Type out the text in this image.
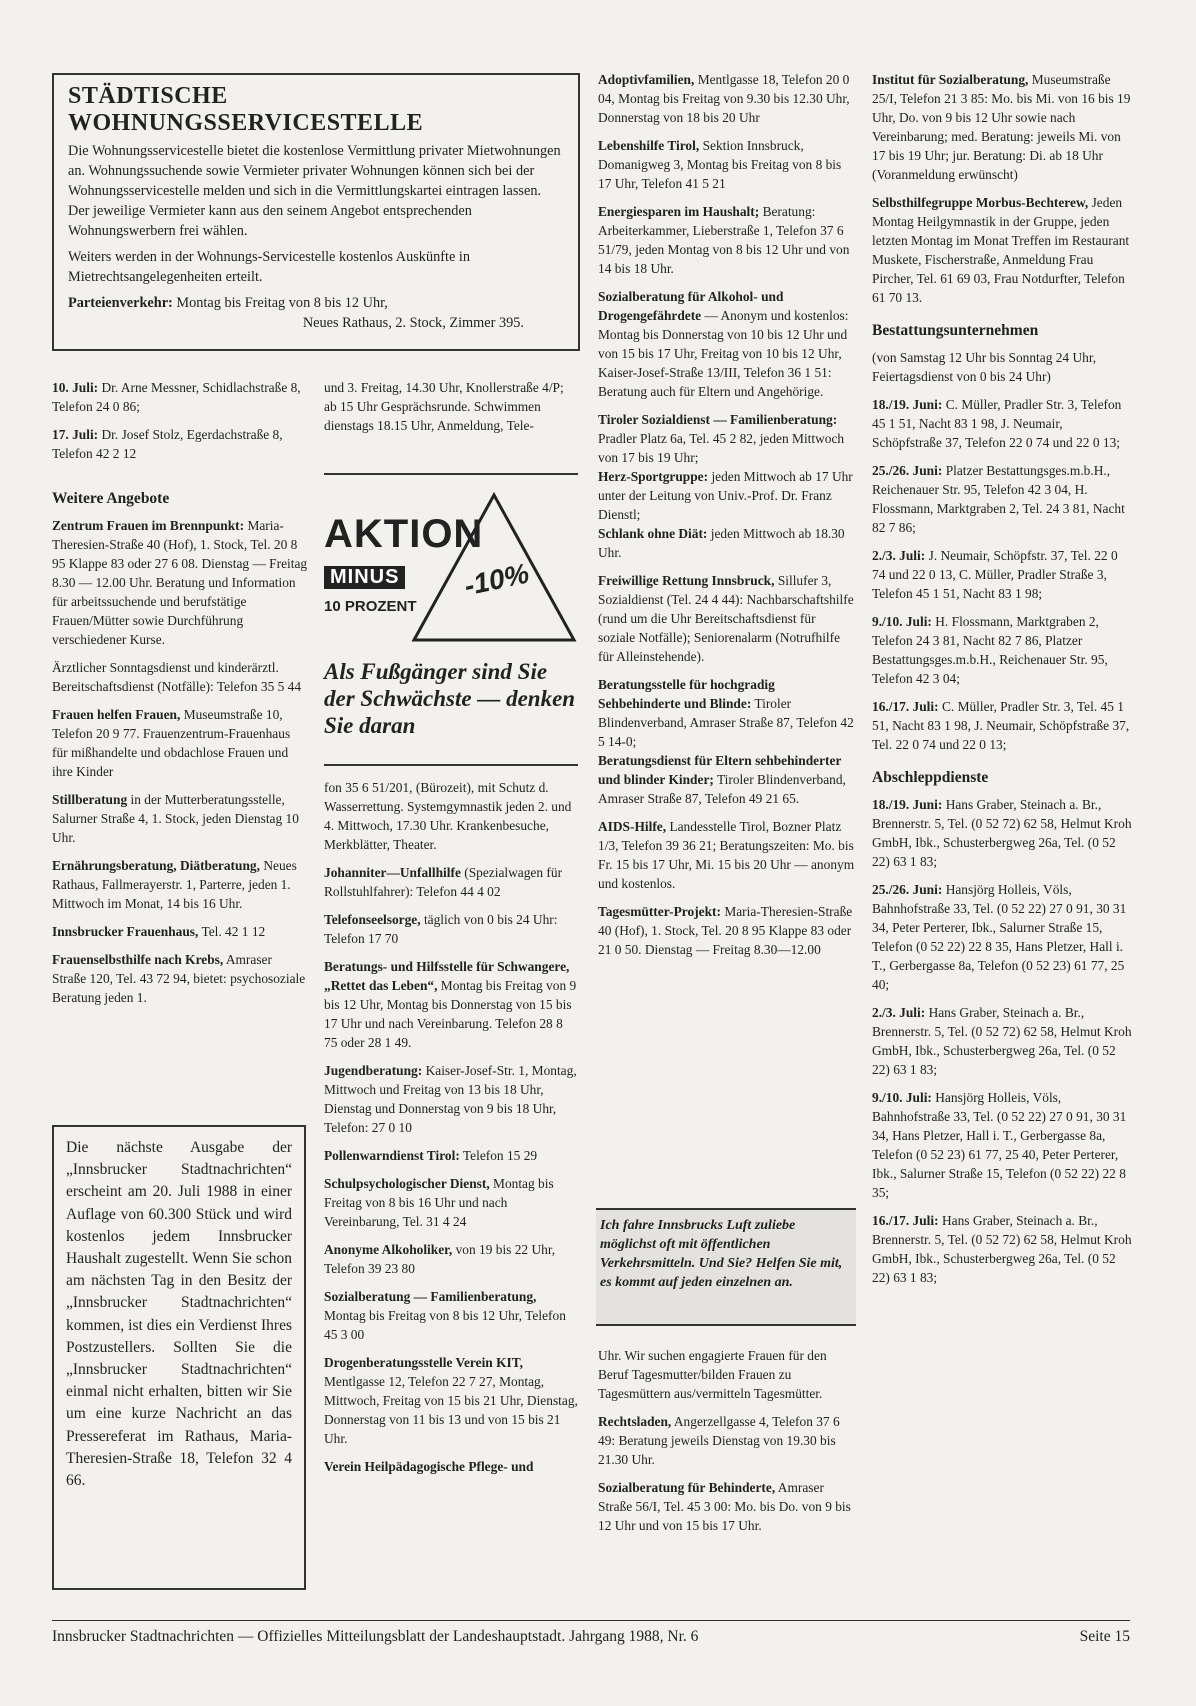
STÄDTISCHE WOHNUNGSSERVICESTELLE

Die Wohnungsservicestelle bietet die kostenlose Vermittlung privater Mietwohnungen an. Wohnungssuchende sowie Vermieter privater Wohnungen können sich bei der Wohnungsservicestelle melden und sich in die Vermittlungskartei eintragen lassen. Der jeweilige Vermieter kann aus den seinem Angebot entsprechenden Wohnungswerbern frei wählen.

Weiters werden in der Wohnungs-Servicestelle kostenlos Auskünfte in Mietrechtsangelegenheiten erteilt.

Parteienverkehr: Montag bis Freitag von 8 bis 12 Uhr,

Neues Rathaus, 2. Stock, Zimmer 395.

10. Juli: Dr. Arne Messner, Schidlachstraße 8, Telefon 24 0 86;
17. Juli: Dr. Josef Stolz, Egerdachstraße 8, Telefon 42 2 12
Weitere Angebote
Zentrum Frauen im Brennpunkt: Maria-Theresien-Straße 40 (Hof), 1. Stock, Tel. 20 8 95 Klappe 83 oder 27 6 08. Dienstag — Freitag 8.30 — 12.00 Uhr. Beratung und Information für arbeitssuchende und berufstätige Frauen/Mütter sowie Durchführung verschiedener Kurse.
Ärztlicher Sonntagsdienst und kinderärztl. Bereitschaftsdienst (Notfälle): Telefon 35 5 44
Frauen helfen Frauen, Museumstraße 10, Telefon 20 9 77. Frauenzentrum-Frauenhaus für mißhandelte und obdachlose Frauen und ihre Kinder
Stillberatung in der Mutterberatungsstelle, Salurner Straße 4, 1. Stock, jeden Dienstag 10 Uhr.
Ernährungsberatung, Diätberatung, Neues Rathaus, Fallmerayerstr. 1, Parterre, jeden 1. Mittwoch im Monat, 14 bis 16 Uhr.
Innsbrucker Frauenhaus, Tel. 42 1 12
Frauenselbsthilfe nach Krebs, Amraser Straße 120, Tel. 43 72 94, bietet: psychosoziale Beratung jeden 1.
Die nächste Ausgabe der „Innsbrucker Stadtnachrichten“ erscheint am 20. Juli 1988 in einer Auflage von 60.300 Stück und wird kostenlos jedem Innsbrucker Haushalt zugestellt. Wenn Sie schon am nächsten Tag in den Besitz der „Innsbrucker Stadtnachrichten“ kommen, ist dies ein Verdienst Ihres Postzustellers. Sollten Sie die „Innsbrucker Stadtnachrichten“ einmal nicht erhalten, bitten wir Sie um eine kurze Nachricht an das Pressereferat im Rathaus, Maria-Theresien-Straße 18, Telefon 32 4 66.
und 3. Freitag, 14.30 Uhr, Knollerstraße 4/P; ab 15 Uhr Gesprächsrunde. Schwimmen dienstags 18.15 Uhr, Anmeldung, Tele-
AKTION
MINUS
10 PROZENT
-10%
Als Fußgänger sind Sie der Schwächste — denken Sie daran
fon 35 6 51/201, (Bürozeit), mit Schutz d. Wasserrettung. Systemgymnastik jeden 2. und 4. Mittwoch, 17.30 Uhr. Krankenbesuche, Merkblätter, Theater.
Johanniter—Unfallhilfe (Spezialwagen für Rollstuhlfahrer): Telefon 44 4 02
Telefonseelsorge, täglich von 0 bis 24 Uhr: Telefon 17 70
Beratungs- und Hilfsstelle für Schwangere, „Rettet das Leben“, Montag bis Freitag von 9 bis 12 Uhr, Montag bis Donnerstag von 15 bis 17 Uhr und nach Vereinbarung. Telefon 28 8 75 oder 28 1 49.
Jugendberatung: Kaiser-Josef-Str. 1, Montag, Mittwoch und Freitag von 13 bis 18 Uhr, Dienstag und Donnerstag von 9 bis 18 Uhr, Telefon: 27 0 10
Pollenwarndienst Tirol: Telefon 15 29
Schulpsychologischer Dienst, Montag bis Freitag von 8 bis 16 Uhr und nach Vereinbarung, Tel. 31 4 24
Anonyme Alkoholiker, von 19 bis 22 Uhr, Telefon 39 23 80
Sozialberatung — Familienberatung, Montag bis Freitag von 8 bis 12 Uhr, Telefon 45 3 00
Drogenberatungsstelle Verein KIT, Mentlgasse 12, Telefon 22 7 27, Montag, Mittwoch, Freitag von 15 bis 21 Uhr, Dienstag, Donnerstag von 11 bis 13 und von 15 bis 21 Uhr.
Verein Heilpädagogische Pflege- und
Adoptivfamilien, Mentlgasse 18, Telefon 20 0 04, Montag bis Freitag von 9.30 bis 12.30 Uhr, Donnerstag von 18 bis 20 Uhr
Lebenshilfe Tirol, Sektion Innsbruck, Domanigweg 3, Montag bis Freitag von 8 bis 17 Uhr, Telefon 41 5 21
Energiesparen im Haushalt; Beratung: Arbeiterkammer, Lieberstraße 1, Telefon 37 6 51/79, jeden Montag von 8 bis 12 Uhr und von 14 bis 18 Uhr.
Sozialberatung für Alkohol- und Drogengefährdete — Anonym und kostenlos: Montag bis Donnerstag von 10 bis 12 Uhr und von 15 bis 17 Uhr, Freitag von 10 bis 12 Uhr, Kaiser-Josef-Straße 13/III, Telefon 36 1 51: Beratung auch für Eltern und Angehörige.
Tiroler Sozialdienst — Familienberatung: Pradler Platz 6a, Tel. 45 2 82, jeden Mittwoch von 17 bis 19 Uhr;
Herz-Sportgruppe: jeden Mittwoch ab 17 Uhr unter der Leitung von Univ.-Prof. Dr. Franz Dienstl;
Schlank ohne Diät: jeden Mittwoch ab 18.30 Uhr.
Freiwillige Rettung Innsbruck, Sillufer 3, Sozialdienst (Tel. 24 4 44): Nachbarschaftshilfe (rund um die Uhr Bereitschaftsdienst für soziale Notfälle); Seniorenalarm (Notrufhilfe für Alleinstehende).
Beratungsstelle für hochgradig Sehbehinderte und Blinde: Tiroler Blindenverband, Amraser Straße 87, Telefon 42 5 14-0;
Beratungsdienst für Eltern sehbehinderter und blinder Kinder; Tiroler Blindenverband, Amraser Straße 87, Telefon 49 21 65.
AIDS-Hilfe, Landesstelle Tirol, Bozner Platz 1/3, Telefon 39 36 21; Beratungszeiten: Mo. bis Fr. 15 bis 17 Uhr, Mi. 15 bis 20 Uhr — anonym und kostenlos.
Tagesmütter-Projekt: Maria-Theresien-Straße 40 (Hof), 1. Stock, Tel. 20 8 95 Klappe 83 oder 21 0 50. Dienstag — Freitag 8.30—12.00
Ich fahre Innsbrucks Luft zuliebe möglichst oft mit öffentlichen Verkehrsmitteln. Und Sie? Helfen Sie mit, es kommt auf jeden einzelnen an.
Uhr. Wir suchen engagierte Frauen für den Beruf Tagesmutter/bilden Frauen zu Tagesmüttern aus/vermitteln Tagesmütter.
Rechtsladen, Angerzellgasse 4, Telefon 37 6 49: Beratung jeweils Dienstag von 19.30 bis 21.30 Uhr.
Sozialberatung für Behinderte, Amraser Straße 56/I, Tel. 45 3 00: Mo. bis Do. von 9 bis 12 Uhr und von 15 bis 17 Uhr.
Institut für Sozialberatung, Museumstraße 25/I, Telefon 21 3 85: Mo. bis Mi. von 16 bis 19 Uhr, Do. von 9 bis 12 Uhr sowie nach Vereinbarung; med. Beratung: jeweils Mi. von 17 bis 19 Uhr; jur. Beratung: Di. ab 18 Uhr (Voranmeldung erwünscht)
Selbsthilfegruppe Morbus-Bechterew, Jeden Montag Heilgymnastik in der Gruppe, jeden letzten Montag im Monat Treffen im Restaurant Muskete, Fischerstraße, Anmeldung Frau Pircher, Tel. 61 69 03, Frau Notdurfter, Telefon 61 70 13.
Bestattungsunternehmen
(von Samstag 12 Uhr bis Sonntag 24 Uhr, Feiertagsdienst von 0 bis 24 Uhr)
18./19. Juni: C. Müller, Pradler Str. 3, Telefon 45 1 51, Nacht 83 1 98, J. Neumair, Schöpfstraße 37, Telefon 22 0 74 und 22 0 13;
25./26. Juni: Platzer Bestattungsges.m.b.H., Reichenauer Str. 95, Telefon 42 3 04, H. Flossmann, Marktgraben 2, Tel. 24 3 81, Nacht 82 7 86;
2./3. Juli: J. Neumair, Schöpfstr. 37, Tel. 22 0 74 und 22 0 13, C. Müller, Pradler Straße 3, Telefon 45 1 51, Nacht 83 1 98;
9./10. Juli: H. Flossmann, Marktgraben 2, Telefon 24 3 81, Nacht 82 7 86, Platzer Bestattungsges.m.b.H., Reichenauer Str. 95, Telefon 42 3 04;
16./17. Juli: C. Müller, Pradler Str. 3, Tel. 45 1 51, Nacht 83 1 98, J. Neumair, Schöpfstraße 37, Tel. 22 0 74 und 22 0 13;
Abschleppdienste
18./19. Juni: Hans Graber, Steinach a. Br., Brennerstr. 5, Tel. (0 52 72) 62 58, Helmut Kroh GmbH, Ibk., Schusterbergweg 26a, Tel. (0 52 22) 63 1 83;
25./26. Juni: Hansjörg Holleis, Völs, Bahnhofstraße 33, Tel. (0 52 22) 27 0 91, 30 31 34, Peter Perterer, Ibk., Salurner Straße 15, Telefon (0 52 22) 22 8 35, Hans Pletzer, Hall i. T., Gerbergasse 8a, Telefon (0 52 23) 61 77, 25 40;
2./3. Juli: Hans Graber, Steinach a. Br., Brennerstr. 5, Tel. (0 52 72) 62 58, Helmut Kroh GmbH, Ibk., Schusterbergweg 26a, Tel. (0 52 22) 63 1 83;
9./10. Juli: Hansjörg Holleis, Völs, Bahnhofstraße 33, Tel. (0 52 22) 27 0 91, 30 31 34, Hans Pletzer, Hall i. T., Gerbergasse 8a, Telefon (0 52 23) 61 77, 25 40, Peter Perterer, Ibk., Salurner Straße 15, Telefon (0 52 22) 22 8 35;
16./17. Juli: Hans Graber, Steinach a. Br., Brennerstr. 5, Tel. (0 52 72) 62 58, Helmut Kroh GmbH, Ibk., Schusterbergweg 26a, Tel. (0 52 22) 63 1 83;
Innsbrucker Stadtnachrichten — Offizielles Mitteilungsblatt der Landeshauptstadt. Jahrgang 1988, Nr. 6	Seite 15
